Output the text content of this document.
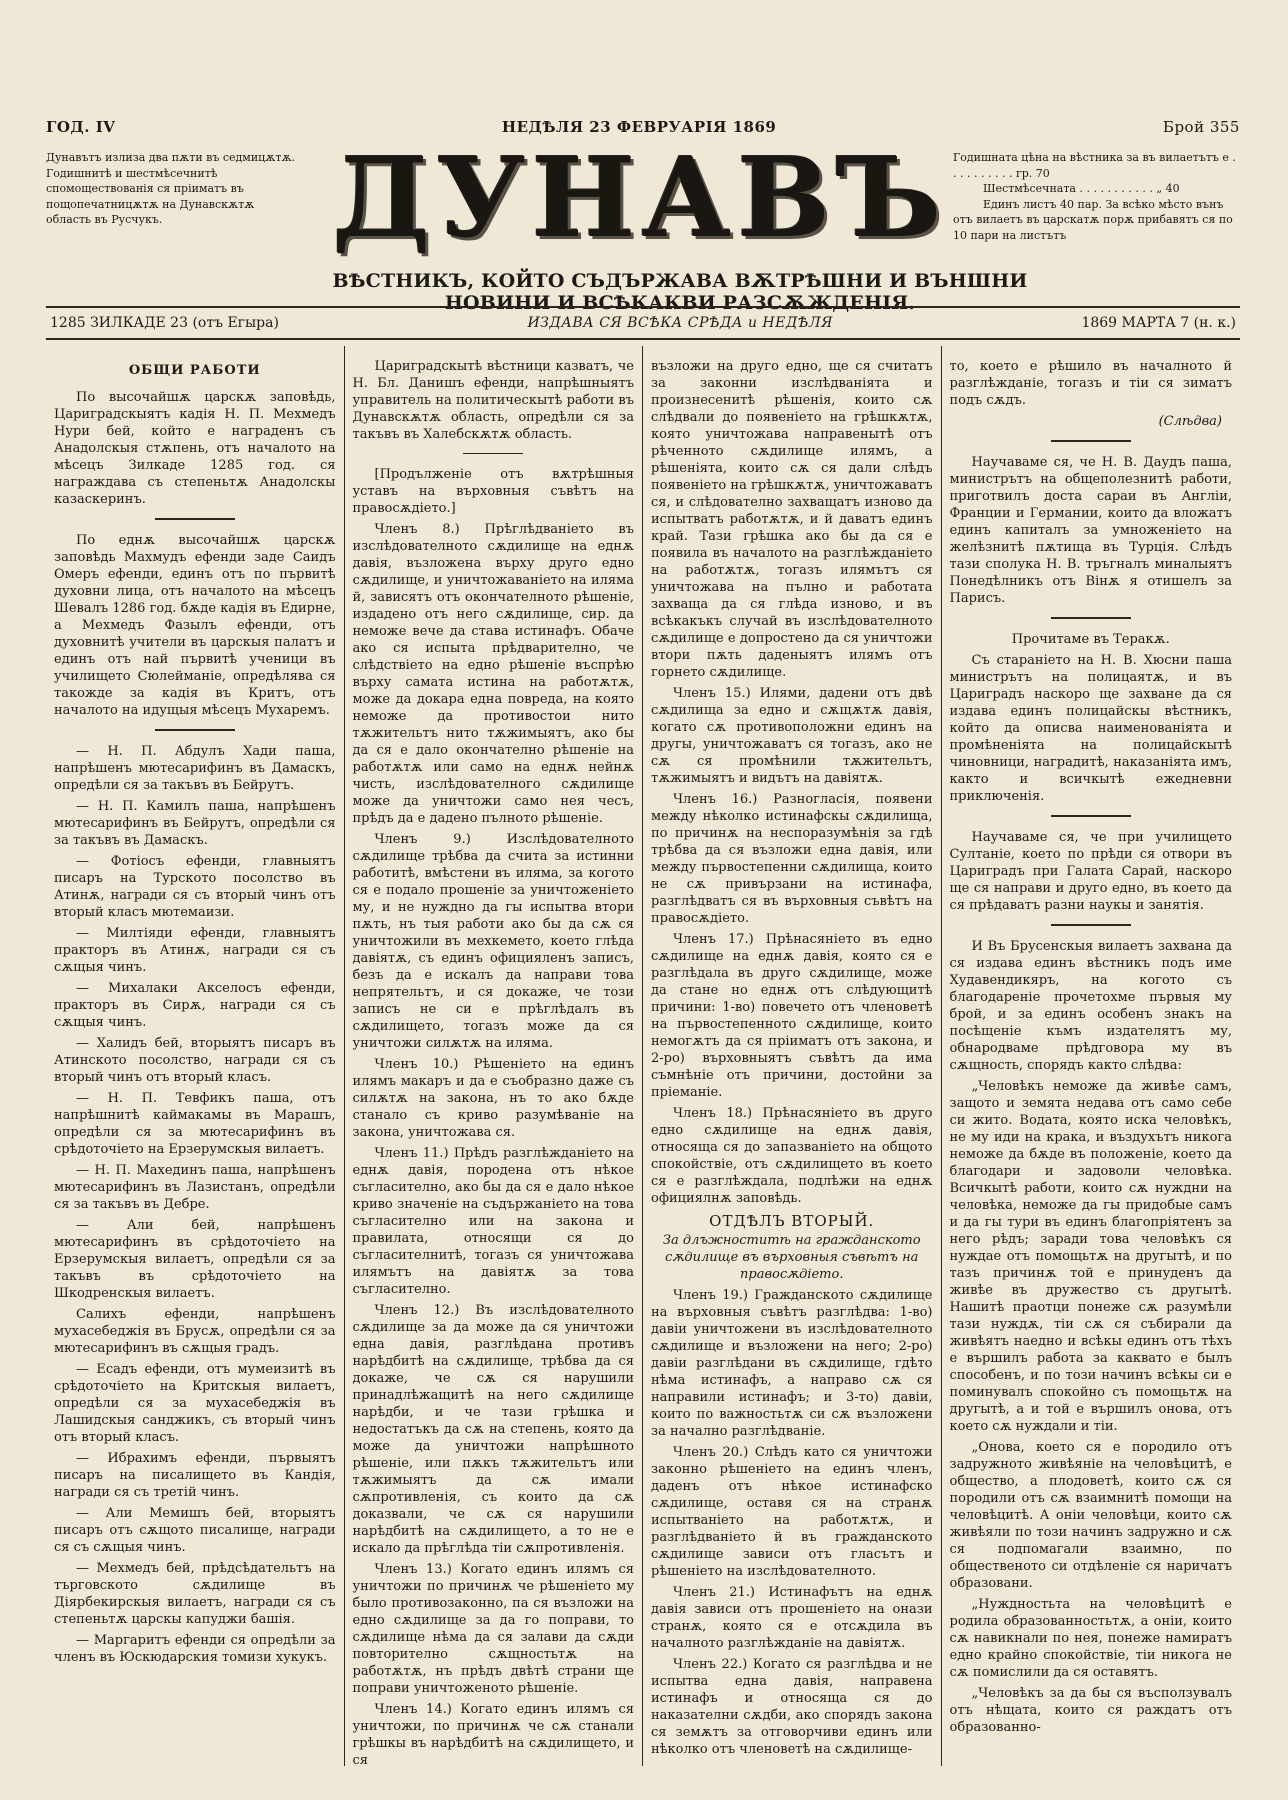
ГОД. IV	НЕДѢЛЯ 23 ФЕВРУАРІЯ 1869	Брой 355
Дунавътъ излиза два пѫти въ седмицѫтѫ. Годишнитѣ и шестмѣсечнитѣ спомоществованія ся пріиматъ въ пощопечатницѫтѫ на Дунавскѫтѫ область въ Русчукъ.
Годишната цѣна на вѣстника за въ вилаетътъ е . . . . . . . . . . гр. 70
Шестмѣсечната . . . . . . . . . . . „ 40
Единъ листъ 40 пар. За всѣко мѣсто вънъ отъ вилаетъ въ царскатѫ порѫ прибавятъ ся по 10 пари на листътъ
ДУНАВЪ
ВѢСТНИКЪ, КОЙТО СЪДЪРЖАВА ВѪТРѢШНИ И ВЪНШНИ НОВИНИ И ВСѢКАКВИ РАЗСѪЖДЕНІЯ.
1285 ЗИЛКАДЕ 23 (отъ Егыра)	ИЗДАВА СЯ ВСѢКА СРѢДА и НЕДѢЛЯ	1869 МАРТА 7 (н. к.)
ОБЩИ РАБОТИ

По высочайшѫ царскѫ заповѣдь, Цариградскыятъ кадія Н. П. Мехмедъ Нури бей, който е награденъ съ Анадолскыя стѫпень, отъ началото на мѣсецъ Зилкаде 1285 год. ся награждава съ степеньтѫ Анадолскы казаскеринъ.

По еднѫ высочайшѫ царскѫ заповѣдь Махмудъ ефенди заде Саидъ Омеръ ефенди, единъ отъ по първитѣ духовни лица, отъ началото на мѣсецъ Шевалъ 1286 год. бѫде кадія въ Едирне, а Мехмедъ Фазылъ ефенди, отъ духовнитѣ учители въ царскыя палатъ и единъ отъ най първитѣ ученици въ училището Сюлейманіе, опредѣлява ся такожде за кадія въ Критъ, отъ началото на идущыя мѣсецъ Мухаремъ.

— Н. П. Абдулъ Хади паша, напрѣшенъ мютесарифинъ въ Дамаскъ, опредѣли ся за такъвъ въ Бейрутъ.

— Н. П. Камилъ паша, напрѣшенъ мютесарифинъ въ Бейрутъ, опредѣли ся за такъвъ въ Дамаскъ.

— Фотіосъ ефенди, главныятъ писаръ на Турското посолство въ Атинѫ, награди ся съ вторый чинъ отъ вторый класъ мютемаизи.

— Милтіяди ефенди, главныятъ практоръ въ Атинѫ, награди ся съ сѫщыя чинъ.

— Михалаки Акселосъ ефенди, практоръ въ Сирѫ, награди ся съ сѫщыя чинъ.

— Халидъ бей, вторыятъ писаръ въ Атинското посолство, награди ся съ вторый чинъ отъ вторый класъ.

— Н. П. Тевфикъ паша, отъ напрѣшнитѣ каймакамы въ Марашъ, опредѣли ся за мютесарифинъ въ срѣдоточіето на Ерзерумскыя вилаетъ.

— Н. П. Махединъ паша, напрѣшенъ мютесарифинъ въ Лазистанъ, опредѣли ся за такъвъ въ Дебре.

— Али бей, напрѣшенъ мютесарифинъ въ срѣдоточіето на Ерзерумскыя вилаетъ, опредѣли ся за такъвъ въ срѣдоточіето на Шкодренскыя вилаетъ.

Салихъ ефенди, напрѣшенъ мухасебеджія въ Брусѫ, опредѣли ся за мютесарифинъ въ сѫщыя градъ.

— Есадъ ефенди, отъ мумеизитѣ въ срѣдоточіето на Критскыя вилаетъ, опредѣли ся за мухасебеджія въ Лашидскыя санджикъ, съ вторый чинъ отъ вторый класъ.

— Ибрахимъ ефенди, първыятъ писаръ на писалището въ Кандія, награди ся съ третій чинъ.

— Али Мемишъ бей, вторыятъ писаръ отъ сѫщото писалище, награди ся съ сѫщыя чинъ.

— Мехмедъ бей, прѣдсѣдательтъ на търговското сѫдилище въ Діярбекирскыя вилаетъ, награди ся съ степеньтѫ царскы капуджи башія.

— Маргаритъ ефенди ся опредѣли за членъ въ Юскюдарския томизи хукукъ.

Цариградскытѣ вѣстници казватъ, че Н. Бл. Данишъ ефенди, напрѣшныятъ управитель на политическытѣ работи въ Дунавскѫтѫ область, опредѣли ся за такъвъ въ Халебскѫтѫ область.

[Продълженіе отъ вѫтрѣшныя уставъ на върховныя съвѣтъ на правосѫдіето.]

Членъ 8.) Прѣглѣдваніето въ изслѣдователното сѫдилище на еднѫ давія, възложена върху друго едно сѫдилище, и уничтожаваніето на иляма й, зависятъ отъ окончателното рѣшеніе, издадено отъ него сѫдилище, сир. да неможе вече да става истинафъ. Обаче ако ся испыта прѣдварително, че слѣдствіето на едно рѣшеніе въспрѣю върху самата истина на работѫтѫ, може да докара една повреда, на която неможе да противостои нито тѫжительтъ нито тѫжимыятъ, ако бы да ся е дало окончателно рѣшеніе на работѫтѫ или само на еднѫ нейнѫ чисть, изслѣдователного сѫдилище може да уничтожи само нея чесъ, прѣдъ да е дадено пълното рѣшеніе.

Членъ 9.) Изслѣдователното сѫдилище трѣбва да счита за истинни работитѣ, вмѣстени въ иляма, за когото ся е подало прошеніе за уничтоженіето му, и не нуждно да гы испытва втори пѫть, нъ тыя работи ако бы да сѫ ся уничтожили въ мехкемето, което глѣда давіятѫ, съ единъ официяленъ записъ, безъ да е искалъ да направи това непрятельтъ, и ся докаже, че този записъ не си е прѣглѣдалъ въ сѫдилището, тогазъ може да ся уничтожи силѫтѫ на иляма.

Членъ 10.) Рѣшеніето на единъ илямъ макаръ и да е съобразно даже съ силѫтѫ на закона, нъ то ако бѫде станало съ криво разумѣваніе на закона, уничтожава ся.

Членъ 11.) Прѣдъ разглѣжданіето на еднѫ давія, породена отъ нѣкое съгласително, ако бы да ся е дало нѣкое криво значеніе на съдържаніето на това съгласително или на закона и правилата, относящи ся до съгласителнитѣ, тогазъ ся уничтожава илямътъ на давіятѫ за това съгласително.

Членъ 12.) Въ изслѣдователното сѫдилище за да може да ся уничтожи една давія, разглѣдана противъ нарѣдбитѣ на сѫдилище, трѣбва да ся докаже, че сѫ ся нарушили принадлѣжащитѣ на него сѫдилище нарѣдби, и че тази грѣшка и недостатъкъ да сѫ на степень, която да може да уничтожи напрѣшното рѣшеніе, или пѫкъ тѫжительтъ или тѫжимыятъ да сѫ имали сѫпротивленія, съ които да сѫ доказвали, че сѫ ся нарушили нарѣдбитѣ на сѫдилището, а то не е искало да прѣглѣда тіи сѫпротивленія.

Членъ 13.) Когато единъ илямъ ся уничтожи по причинѫ че рѣшеніето му было противозаконно, па ся възложи на едно сѫдилище за да го поправи, то сѫдилище нѣма да ся залави да сѫди повторително сѫщностьтѫ на работѫтѫ, нъ прѣдъ двѣтѣ страни ще поправи уничтоженото рѣшеніе.

Членъ 14.) Когато единъ илямъ ся уничтожи, по причинѫ че сѫ станали грѣшкы въ нарѣдбитѣ на сѫдилището, и ся

възложи на друго едно, ще ся считатъ за законни изслѣдваніята и произнесенитѣ рѣшенія, които сѫ слѣдвали до появеніето на грѣшкѫтѫ, която уничтожава направенытѣ отъ рѣченното сѫдилище илямъ, а рѣшеніята, които сѫ ся дали слѣдъ появеніето на грѣшкѫтѫ, уничтожаватъ ся, и слѣдователно захващатъ изново да испытватъ работѫтѫ, и й даватъ единъ край. Тази грѣшка ако бы да ся е появила въ началото на разглѣжданіето на работѫтѫ, тогазъ илямътъ ся уничтожава на пълно и работата захваща да ся глѣда изново, и въ всѣкакъкъ случай въ изслѣдователното сѫдилище е допростено да ся уничтожи втори пѫть даденыятъ илямъ отъ горнето сѫдилище.

Членъ 15.) Илями, дадени отъ двѣ сѫдилища за едно и сѫщѫтѫ давія, когато сѫ противоположни единъ на другы, уничтожаватъ ся тогазъ, ако не сѫ ся промѣнили тѫжительтъ, тѫжимыятъ и видътъ на давіятѫ.

Членъ 16.) Разногласія, появени между нѣколко истинафскы сѫдилища, по причинѫ на неспоразумѣнія за гдѣ трѣбва да ся възложи една давія, или между първостепенни сѫдилища, които не сѫ привързани на истинафа, разглѣдватъ ся въ върховныя съвѣтъ на правосѫдіето.

Членъ 17.) Прѣнасяніето въ едно сѫдилище на еднѫ давія, която ся е разглѣдала въ друго сѫдилище, може да стане но еднѫ отъ слѣдующитѣ причини: 1-во) повечето отъ членоветѣ на първостепенното сѫдилище, които немогѫтъ да ся пріиматъ отъ закона, и 2-ро) върховныятъ съвѣтъ да има съмнѣніе отъ причини, достойни за пріеманіе.

Членъ 18.) Прѣнасяніето въ друго едно сѫдилище на еднѫ давія, относяща ся до запазваніето на общото спокойствіе, отъ сѫдилището въ което ся е разглѣждала, подлѣжи на еднѫ официялнѫ заповѣдь.

ОТДѢЛЪ ВТОРЫЙ.

За длъжноститѣ на гражданското сѫдилище въ върховныя съвѣтъ на правосѫдіето.

Членъ 19.) Гражданското сѫдилище на върховныя съвѣтъ разглѣдва: 1-во) давіи уничтожени въ изслѣдователното сѫдилище и възложени на него; 2-ро) давіи разглѣдани въ сѫдилище, гдѣто нѣма истинафъ, а направо сѫ ся направили истинафъ; и 3-то) давіи, които по важностьтѫ си сѫ възложени за начално разглѣдваніе.

Членъ 20.) Слѣдъ като ся уничтожи законно рѣшеніето на единъ членъ, даденъ отъ нѣкое истинафско сѫдилище, оставя ся на странѫ испытваніето на работѫтѫ, и разглѣдваніето й въ гражданското сѫдилище зависи отъ гласътъ и рѣшеніето на изслѣдователното.

Членъ 21.) Истинафътъ на еднѫ давія зависи отъ прошеніето на онази странѫ, която ся е отсѫдила въ началното разглѣжданіе на давіятѫ.

Членъ 22.) Когато ся разглѣдва и не испытва една давія, направена истинафъ и относяща ся до наказателни сѫдби, ако спорядъ закона ся земѫтъ за отговорчиви единъ или нѣколко отъ членоветѣ на сѫдилище-

то, което е рѣшило въ началното й разглѣжданіе, тогазъ и тіи ся зиматъ подъ сѫдъ.

(Слѣдва)

Научаваме ся, че Н. В. Даудъ паша, министрътъ на общеполезнитѣ работи, приготвилъ доста сараи въ Англіи, Франции и Германии, които да вложатъ единъ капиталъ за умноженіето на желѣзнитѣ пѫтища въ Турція. Слѣдъ тази сполука Н. В. тръгналъ миналыятъ Понедѣлникъ отъ Вінѫ я отишелъ за Парисъ.

Прочитаме въ Теракѫ.

Съ стараніето на Н. В. Хюсни паша министрътъ на полицаятѫ, и въ Цариградъ наскоро ще захване да ся издава единъ полицайскы вѣстникъ, който да описва наименованіята и промѣненіята на полицайскытѣ чиновници, наградитѣ, наказаніята имъ, както и всичкытѣ ежедневни приключенія.

Научаваме ся, че при училището Султаніе, което по прѣди ся отвори въ Цариградъ при Галата Сарай, наскоро ще ся направи и друго едно, въ което да ся прѣдаватъ разни наукы и занятія.

И Въ Брусенскыя вилаетъ захвана да ся издава единъ вѣстникъ подъ име Худавендикяръ, на когото съ благодареніе прочетохме първыя му брой, и за единъ особенъ знакъ на посѣщеніе къмъ издателятъ му, обнародваме прѣдговора му въ сѫщность, спорядъ както слѣдва:

„Человѣкъ неможе да живѣе самъ, защото и земята недава отъ само себе си жито. Водата, която иска человѣкъ, не му иди на крака, и въздухътъ никога неможе да бѫде въ положеніе, което да благодари и задоволи человѣка. Всичкытѣ работи, които сѫ нуждни на человѣка, неможе да гы придобые самъ и да гы тури въ единъ благопріятенъ за него рѣдъ; заради това человѣкъ ся нуждае отъ помощьтѫ на другытѣ, и по тазъ причинѫ той е принуденъ да живѣе въ дружество съ другытѣ. Нашитѣ праотци понеже сѫ разумѣли тази нуждѫ, тіи сѫ ся събирали да живѣятъ наедно и всѣкы единъ отъ тѣхъ е вършилъ работа за каквато е былъ способенъ, и по този начинъ всѣкы си е поминувалъ спокойно съ помощьтѫ на другытѣ, а и той е вършилъ онова, отъ което сѫ нуждали и тіи.

„Онова, което ся е породило отъ задружното живѣяніе на человѣцитѣ, е общество, а плодоветѣ, които сѫ ся породили отъ сѫ взаимнитѣ помощи на человѣцитѣ. А оніи человѣци, които сѫ живѣяли по този начинъ задружно и сѫ ся подпомагали взаимно, по общественото си отдѣленіе ся наричатъ образовани.

„Нуждностьта на человѣцитѣ е родила образованностьтѫ, а оніи, които сѫ навикнали по нея, понеже намиратъ едно крайно спокойствіе, тіи никога не сѫ помислили да ся оставятъ.

„Человѣкъ за да бы ся въсползувалъ отъ нѣщата, които ся раждатъ отъ образованно-
